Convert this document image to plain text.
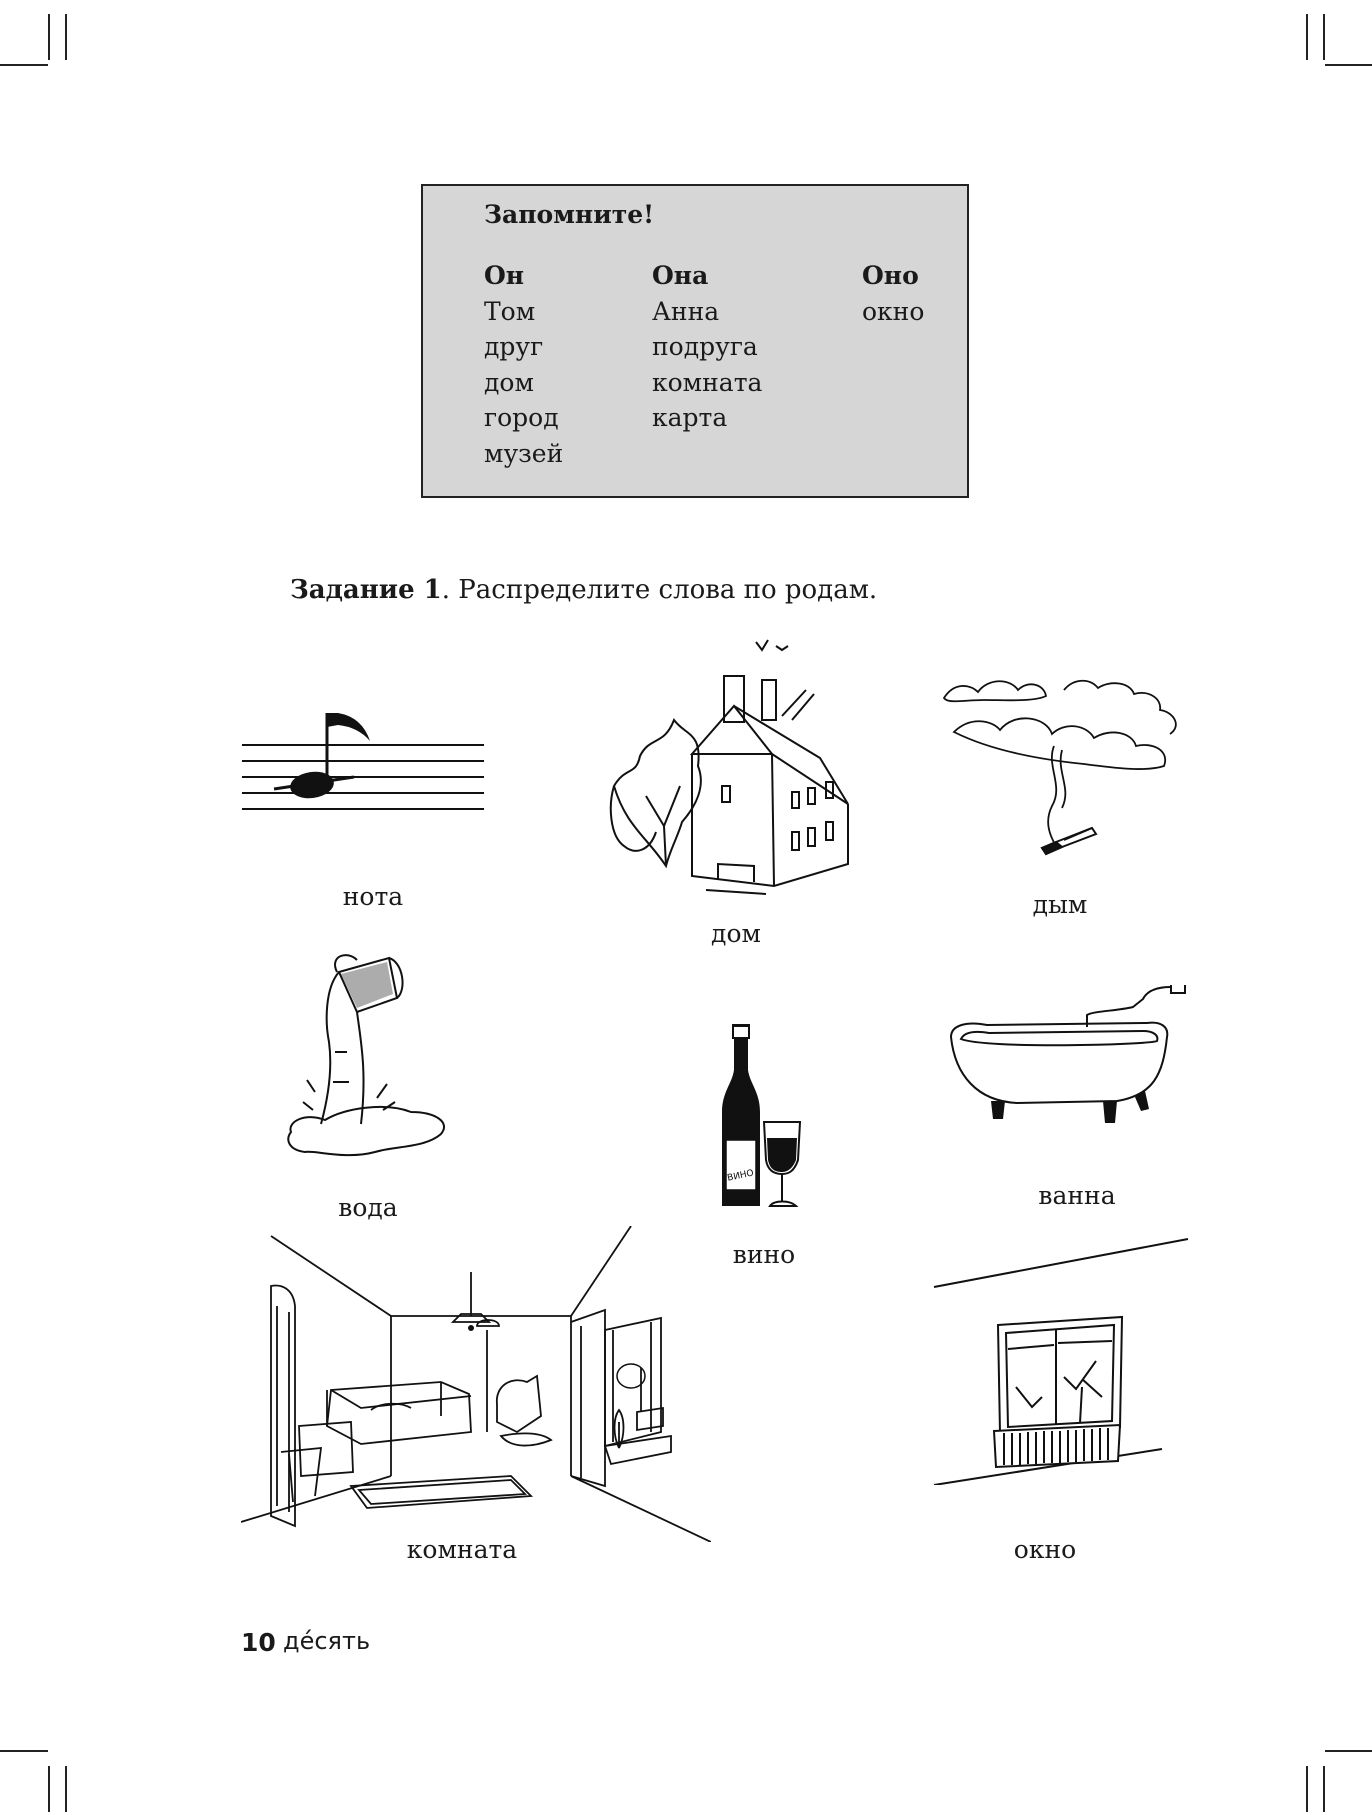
Запомните!
Он
Том
друг
дом
город
музей
Она
Анна
подруга
комната
карта
Оно
окно
Задание 1. Распределите слова по родам.
нота
дом
дым
вода
ВИНО
вино
ванна
комната	окно
10 де́сять
